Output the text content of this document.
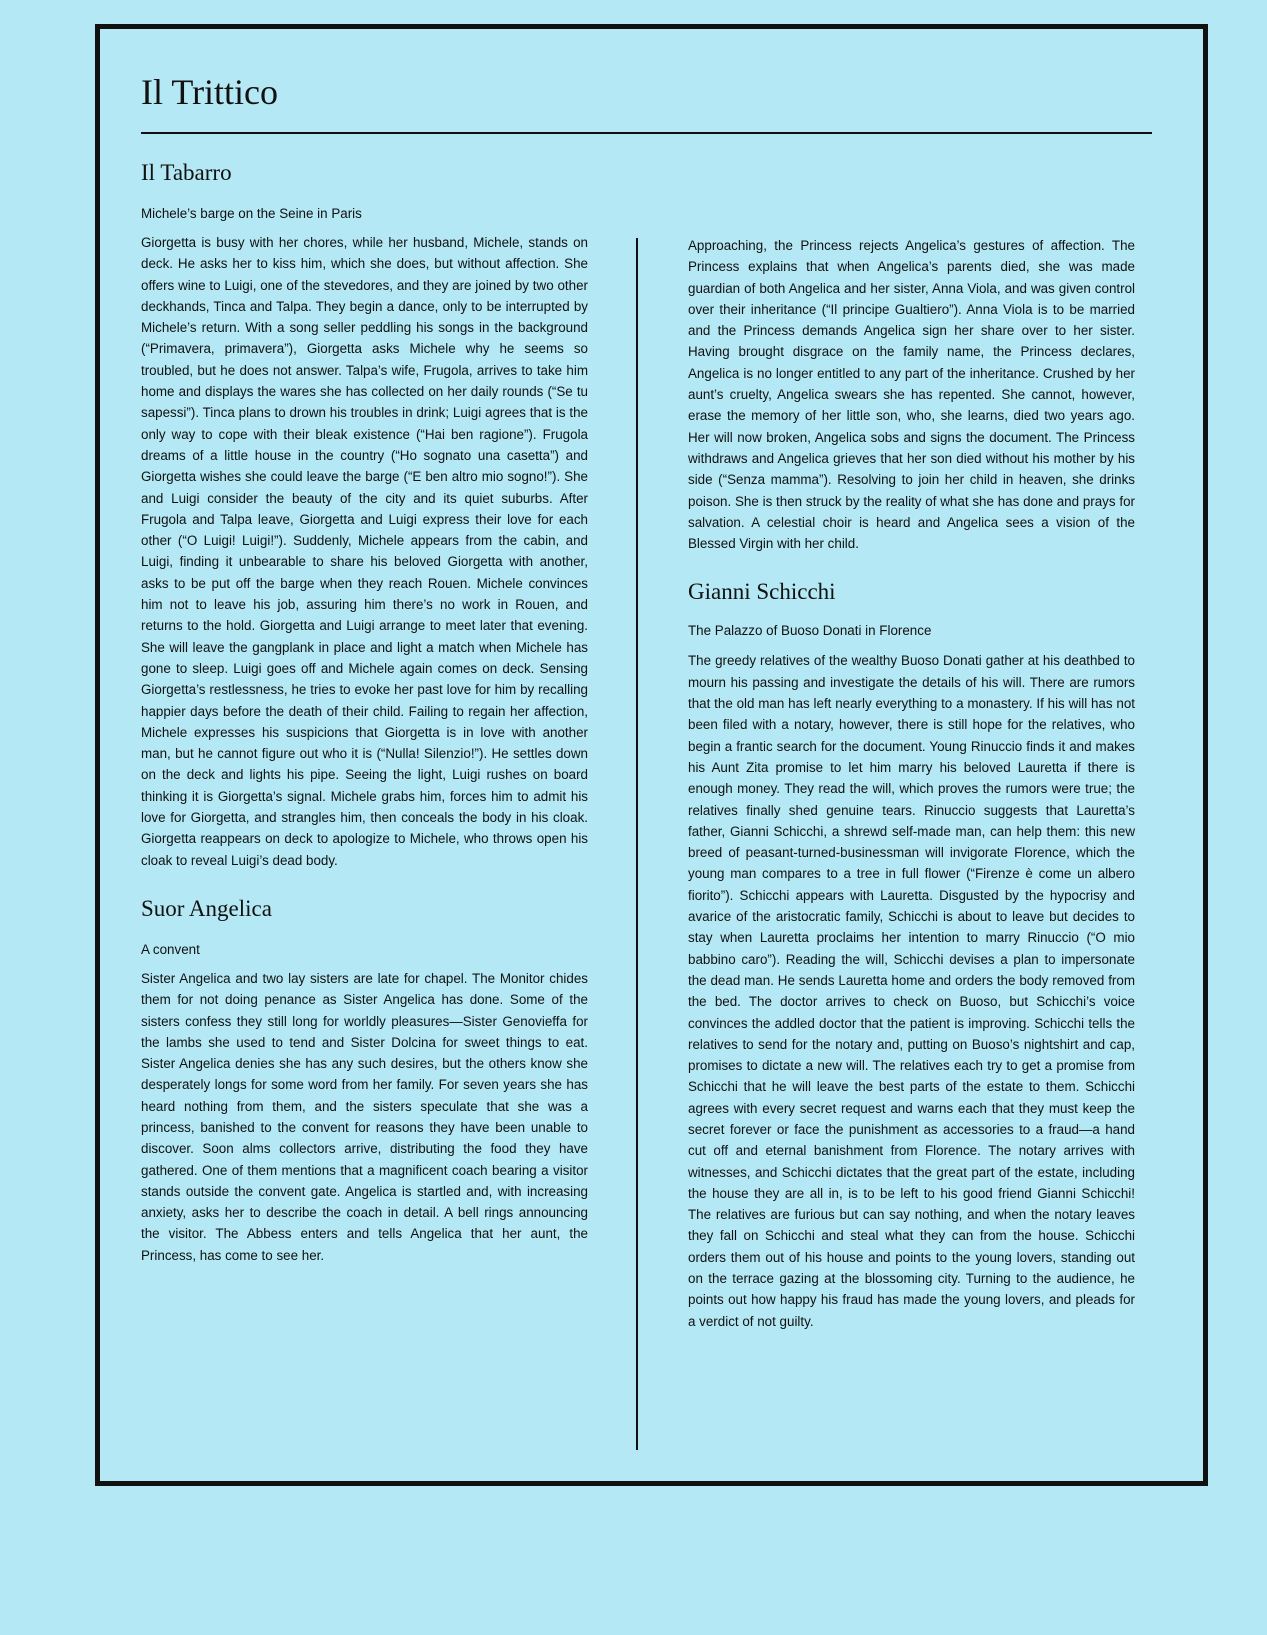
Il Trittico
Il Tabarro
Michele’s barge on the Seine in Paris

Giorgetta is busy with her chores, while her husband, Michele, stands on deck. He asks her to kiss him, which she does, but without affection. She offers wine to Luigi, one of the stevedores, and they are joined by two other deckhands, Tinca and Talpa. They begin a dance, only to be interrupted by Michele’s return. With a song seller peddling his songs in the background (“Primavera, primavera”), Giorgetta asks Michele why he seems so troubled, but he does not answer. Talpa’s wife, Frugola, arrives to take him home and displays the wares she has collected on her daily rounds (“Se tu sapessi”). Tinca plans to drown his troubles in drink; Luigi agrees that is the only way to cope with their bleak existence (“Hai ben ragione”). Frugola dreams of a little house in the country (“Ho sognato una casetta”) and Giorgetta wishes she could leave the barge (“E ben altro mio sogno!”). She and Luigi consider the beauty of the city and its quiet suburbs. After Frugola and Talpa leave, Giorgetta and Luigi express their love for each other (“O Luigi! Luigi!”). Suddenly, Michele appears from the cabin, and Luigi, finding it unbearable to share his beloved Giorgetta with another, asks to be put off the barge when they reach Rouen. Michele convinces him not to leave his job, assuring him there’s no work in Rouen, and returns to the hold. Giorgetta and Luigi arrange to meet later that evening. She will leave the gangplank in place and light a match when Michele has gone to sleep. Luigi goes off and Michele again comes on deck. Sensing Giorgetta’s restlessness, he tries to evoke her past love for him by recalling happier days before the death of their child. Failing to regain her affection, Michele expresses his suspicions that Giorgetta is in love with another man, but he cannot figure out who it is (“Nulla! Silenzio!”). He settles down on the deck and lights his pipe. Seeing the light, Luigi rushes on board thinking it is Giorgetta’s signal. Michele grabs him, forces him to admit his love for Giorgetta, and strangles him, then conceals the body in his cloak. Giorgetta reappears on deck to apologize to Michele, who throws open his cloak to reveal Luigi’s dead body.

Suor Angelica
A convent

Sister Angelica and two lay sisters are late for chapel. The Monitor chides them for not doing penance as Sister Angelica has done. Some of the sisters confess they still long for worldly pleasures—Sister Genovieffa for the lambs she used to tend and Sister Dolcina for sweet things to eat. Sister Angelica denies she has any such desires, but the others know she desperately longs for some word from her family. For seven years she has heard nothing from them, and the sisters speculate that she was a princess, banished to the convent for reasons they have been unable to discover. Soon alms collectors arrive, distributing the food they have gathered. One of them mentions that a magnificent coach bearing a visitor stands outside the convent gate. Angelica is startled and, with increasing anxiety, asks her to describe the coach in detail. A bell rings announcing the visitor. The Abbess enters and tells Angelica that her aunt, the Princess, has come to see her.

Approaching, the Princess rejects Angelica’s gestures of affection. The Princess explains that when Angelica’s parents died, she was made guardian of both Angelica and her sister, Anna Viola, and was given control over their inheritance (“Il principe Gualtiero”). Anna Viola is to be married and the Princess demands Angelica sign her share over to her sister. Having brought disgrace on the family name, the Princess declares, Angelica is no longer entitled to any part of the inheritance. Crushed by her aunt’s cruelty, Angelica swears she has repented. She cannot, however, erase the memory of her little son, who, she learns, died two years ago. Her will now broken, Angelica sobs and signs the document. The Princess withdraws and Angelica grieves that her son died without his mother by his side (“Senza mamma”). Resolving to join her child in heaven, she drinks poison. She is then struck by the reality of what she has done and prays for salvation. A celestial choir is heard and Angelica sees a vision of the Blessed Virgin with her child.

Gianni Schicchi
The Palazzo of Buoso Donati in Florence

The greedy relatives of the wealthy Buoso Donati gather at his deathbed to mourn his passing and investigate the details of his will. There are rumors that the old man has left nearly everything to a monastery. If his will has not been filed with a notary, however, there is still hope for the relatives, who begin a frantic search for the document. Young Rinuccio finds it and makes his Aunt Zita promise to let him marry his beloved Lauretta if there is enough money. They read the will, which proves the rumors were true; the relatives finally shed genuine tears. Rinuccio suggests that Lauretta’s father, Gianni Schicchi, a shrewd self-made man, can help them: this new breed of peasant-turned-businessman will invigorate Florence, which the young man compares to a tree in full flower (“Firenze è come un albero fiorito”). Schicchi appears with Lauretta. Disgusted by the hypocrisy and avarice of the aristocratic family, Schicchi is about to leave but decides to stay when Lauretta proclaims her intention to marry Rinuccio (“O mio babbino caro”). Reading the will, Schicchi devises a plan to impersonate the dead man. He sends Lauretta home and orders the body removed from the bed. The doctor arrives to check on Buoso, but Schicchi’s voice convinces the addled doctor that the patient is improving. Schicchi tells the relatives to send for the notary and, putting on Buoso’s nightshirt and cap, promises to dictate a new will. The relatives each try to get a promise from Schicchi that he will leave the best parts of the estate to them. Schicchi agrees with every secret request and warns each that they must keep the secret forever or face the punishment as accessories to a fraud—a hand cut off and eternal banishment from Florence. The notary arrives with witnesses, and Schicchi dictates that the great part of the estate, including the house they are all in, is to be left to his good friend Gianni Schicchi! The relatives are furious but can say nothing, and when the notary leaves they fall on Schicchi and steal what they can from the house. Schicchi orders them out of his house and points to the young lovers, standing out on the terrace gazing at the blossoming city. Turning to the audience, he points out how happy his fraud has made the young lovers, and pleads for a verdict of not guilty.
